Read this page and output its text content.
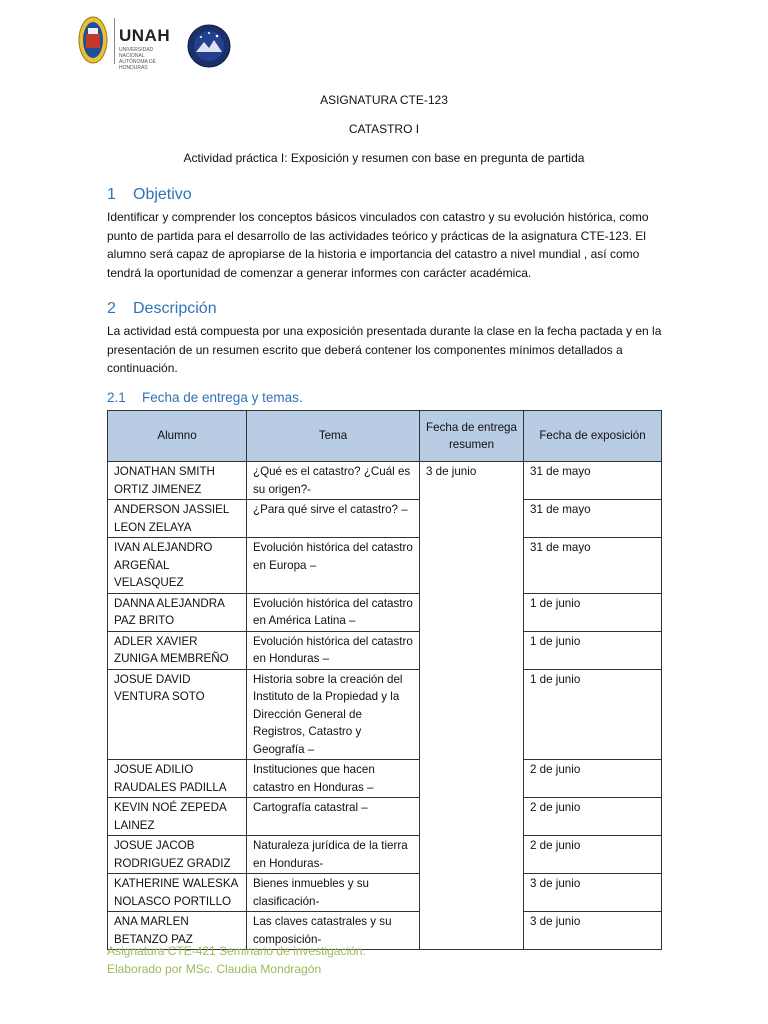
UNAH
UNIVERSIDAD NACIONAL AUTÓNOMA DE HONDURAS
ASIGNATURA CTE-123
CATASTRO I
Actividad práctica I: Exposición y resumen con base en pregunta de partida
1 Objetivo
Identificar y comprender los conceptos básicos vinculados con catastro y su evolución histórica, como punto de partida para el desarrollo de las actividades teórico y prácticas de la asignatura CTE-123. El alumno será capaz de apropiarse de la historia e importancia del catastro a nivel mundial , así como tendrá la oportunidad de comenzar a generar informes con carácter académica.
2 Descripción
La actividad está compuesta por una exposición presentada durante la clase en la fecha pactada y en la presentación de un resumen escrito que deberá contener los componentes mínimos detallados a continuación.
2.1 Fecha de entrega y temas.
Alumno	Tema	Fecha de entrega resumen	Fecha de exposición
JONATHAN SMITH ORTIZ JIMENEZ	¿Qué es el catastro? ¿Cuál es su origen?-	3 de junio	31 de mayo
ANDERSON JASSIEL LEON ZELAYA	¿Para qué sirve el catastro? –		31 de mayo
IVAN ALEJANDRO ARGEÑAL VELASQUEZ	Evolución histórica del catastro en Europa –		31 de mayo
DANNA ALEJANDRA PAZ BRITO	Evolución histórica del catastro en América Latina –		1 de junio
ADLER XAVIER ZUNIGA MEMBREÑO	Evolución histórica del catastro en Honduras –		1 de junio
JOSUE DAVID VENTURA SOTO	Historia sobre la creación del Instituto de la Propiedad y la Dirección General de Registros, Catastro y Geografía –		1 de junio
JOSUE ADILIO RAUDALES PADILLA	Instituciones que hacen catastro en Honduras –		2 de junio
KEVIN NOÉ ZEPEDA LAINEZ	Cartografía catastral –		2 de junio
JOSUE JACOB RODRIGUEZ GRADIZ	Naturaleza jurídica de la tierra en Honduras-		2 de junio
KATHERINE WALESKA NOLASCO PORTILLO	Bienes inmuebles y su clasificación-		3 de junio
ANA MARLEN BETANZO PAZ	Las claves catastrales y su composición-		3 de junio
Asignatura CTE-421 Seminario de investigación.
Elaborado por MSc. Claudia Mondragón
